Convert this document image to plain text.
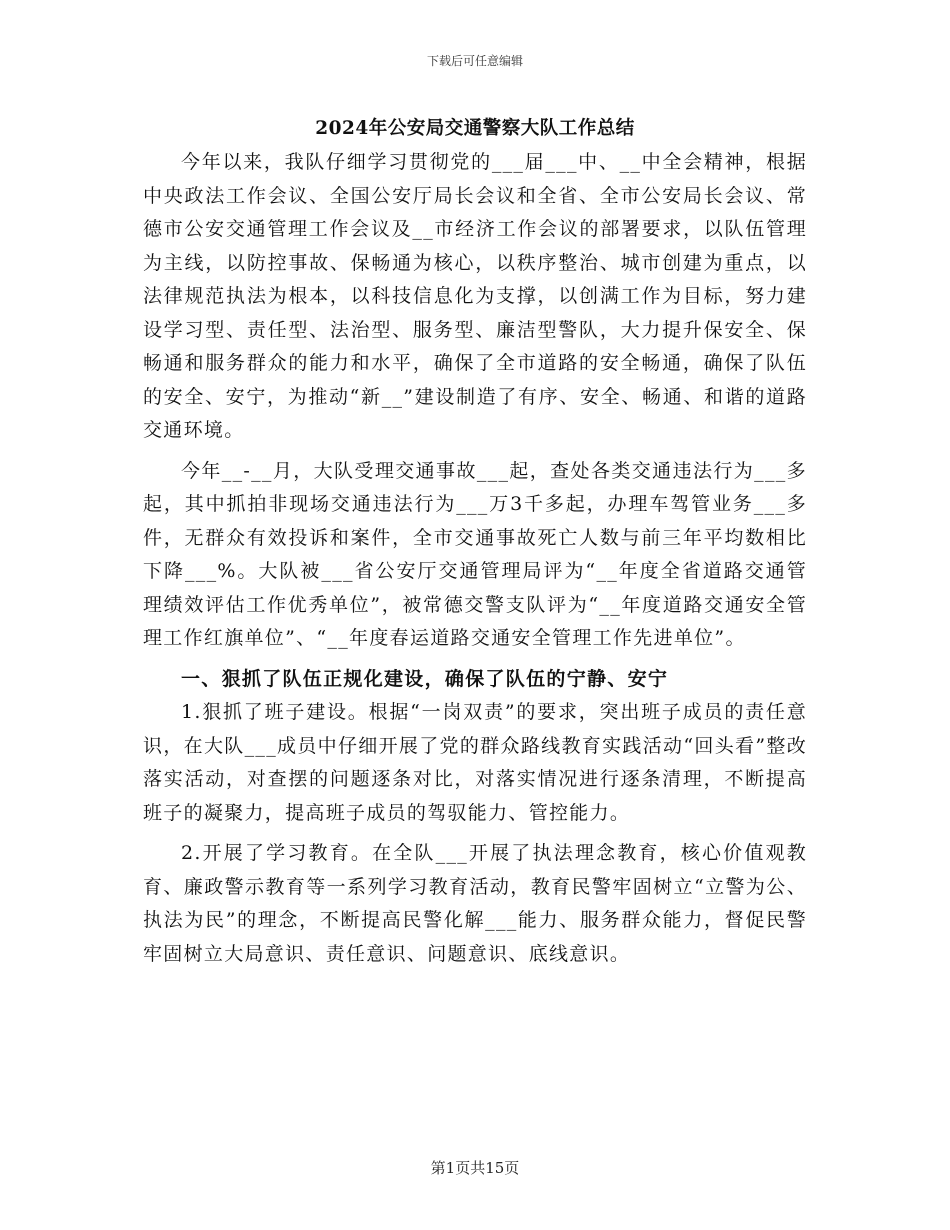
下载后可任意编辑
2024年公安局交通警察大队工作总结

今年以来，我队仔细学习贯彻党的___届___中、__中全会精神，根据中央政法工作会议、全国公安厅局长会议和全省、全市公安局长会议、常德市公安交通管理工作会议及__市经济工作会议的部署要求，以队伍管理为主线，以防控事故、保畅通为核心，以秩序整治、城市创建为重点，以法律规范执法为根本，以科技信息化为支撑，以创满工作为目标，努力建设学习型、责任型、法治型、服务型、廉洁型警队，大力提升保安全、保畅通和服务群众的能力和水平，确保了全市道路的安全畅通，确保了队伍的安全、安宁，为推动“新__”建设制造了有序、安全、畅通、和谐的道路交通环境。

今年__-__月，大队受理交通事故___起，查处各类交通违法行为___多起，其中抓拍非现场交通违法行为___万3千多起，办理车驾管业务___多件，无群众有效投诉和案件，全市交通事故死亡人数与前三年平均数相比下降___%。大队被___省公安厅交通管理局评为“__年度全省道路交通管理绩效评估工作优秀单位”，被常德交警支队评为“__年度道路交通安全管理工作红旗单位”、“__年度春运道路交通安全管理工作先进单位”。

一、狠抓了队伍正规化建设，确保了队伍的宁静、安宁

1.狠抓了班子建设。根据“一岗双责”的要求，突出班子成员的责任意识，在大队___成员中仔细开展了党的群众路线教育实践活动“回头看”整改落实活动，对查摆的问题逐条对比，对落实情况进行逐条清理，不断提高班子的凝聚力，提高班子成员的驾驭能力、管控能力。

2.开展了学习教育。在全队___开展了执法理念教育，核心价值观教育、廉政警示教育等一系列学习教育活动，教育民警牢固树立“立警为公、执法为民”的理念，不断提高民警化解___能力、服务群众能力，督促民警牢固树立大局意识、责任意识、问题意识、底线意识。

第1页共15页
